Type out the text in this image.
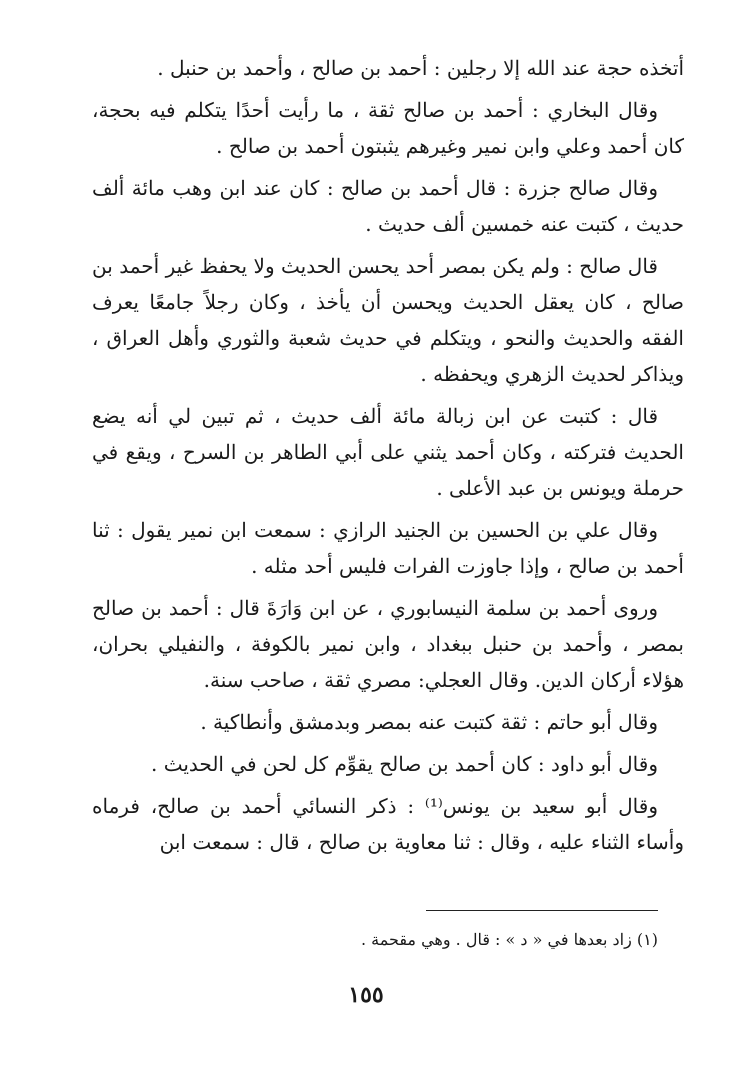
أتخذه حجة عند الله إلا رجلين : أحمد بن صالح ، وأحمد بن حنبل .

وقال البخاري : أحمد بن صالح ثقة ، ما رأيت أحدًا يتكلم فيه بحجة، كان أحمد وعلي وابن نمير وغيرهم يثبتون أحمد بن صالح .

وقال صالح جزرة : قال أحمد بن صالح : كان عند ابن وهب مائة ألف حديث ، كتبت عنه خمسين ألف حديث .

قال صالح : ولم يكن بمصر أحد يحسن الحديث ولا يحفظ غير أحمد بن صالح ، كان يعقل الحديث ويحسن أن يأخذ ، وكان رجلاً جامعًا يعرف الفقه والحديث والنحو ، ويتكلم في حديث شعبة والثوري وأهل العراق ، ويذاكر لحديث الزهري ويحفظه .

قال : كتبت عن ابن زبالة مائة ألف حديث ، ثم تبين لي أنه يضع الحديث فتركته ، وكان أحمد يثني على أبي الطاهر بن السرح ، ويقع في حرملة ويونس بن عبد الأعلى .

وقال علي بن الحسين بن الجنيد الرازي : سمعت ابن نمير يقول : ثنا أحمد بن صالح ، وإذا جاوزت الفرات فليس أحد مثله .

وروى أحمد بن سلمة النيسابوري ، عن ابن وَارَةَ قال : أحمد بن صالح بمصر ، وأحمد بن حنبل ببغداد ، وابن نمير بالكوفة ، والنفيلي بحران، هؤلاء أركان الدين. وقال العجلي: مصري ثقة ، صاحب سنة.

وقال أبو حاتم : ثقة كتبت عنه بمصر وبدمشق وأنطاكية .

وقال أبو داود : كان أحمد بن صالح يقوِّم كل لحن في الحديث .

وقال أبو سعيد بن يونس⁽¹⁾ : ذكر النسائي أحمد بن صالح، فرماه وأساء الثناء عليه ، وقال : ثنا معاوية بن صالح ، قال : سمعت ابن

(١) زاد بعدها في « د » : قال . وهي مقحمة .
١٥٥
